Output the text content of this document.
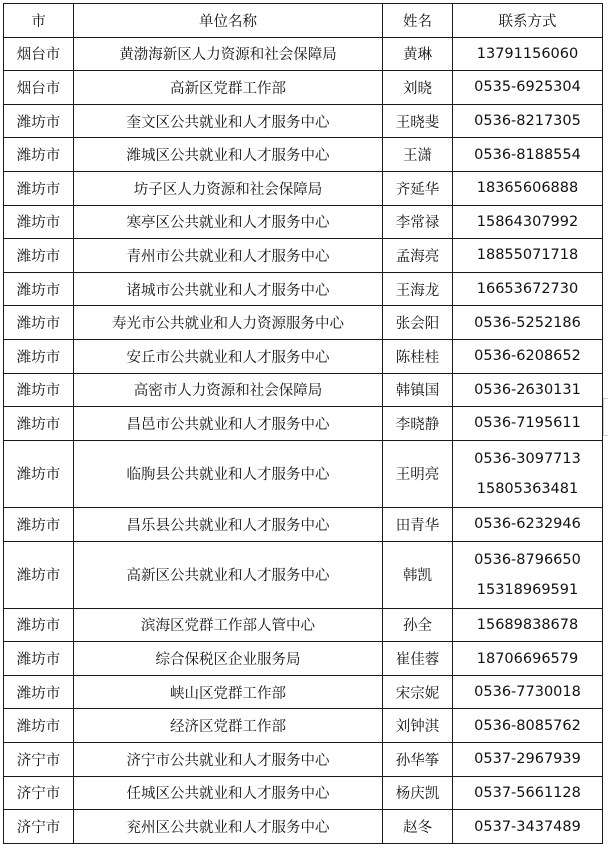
市	单位名称	姓名	联系方式
烟台市	黄渤海新区人力资源和社会保障局	黄琳	13791156060

烟台市	高新区党群工作部	刘晓	0535-6925304

潍坊市	奎文区公共就业和人才服务中心	王晓斐	0536-8217305

潍坊市	潍城区公共就业和人才服务中心	王潇	0536-8188554

潍坊市	坊子区人力资源和社会保障局	齐延华	18365606888

潍坊市	寒亭区公共就业和人才服务中心	李常禄	15864307992

潍坊市	青州市公共就业和人才服务中心	孟海亮	18855071718

潍坊市	诸城市公共就业和人才服务中心	王海龙	16653672730

潍坊市	寿光市公共就业和人力资源服务中心	张会阳	0536-5252186

潍坊市	安丘市公共就业和人才服务中心	陈桂桂	0536-6208652

潍坊市	高密市人力资源和社会保障局	韩镇国	0536-2630131

潍坊市	昌邑市公共就业和人才服务中心	李晓静	0536-7195611

潍坊市	临朐县公共就业和人才服务中心	王明亮	0536-3097713
15805363481

潍坊市	昌乐县公共就业和人才服务中心	田青华	0536-6232946

潍坊市	高新区公共就业和人才服务中心	韩凯	0536-8796650
15318969591

潍坊市	滨海区党群工作部人管中心	孙全	15689838678

潍坊市	综合保税区企业服务局	崔佳蓉	18706696579

潍坊市	峡山区党群工作部	宋宗妮	0536-7730018

潍坊市	经济区党群工作部	刘钟淇	0536-8085762

济宁市	济宁市公共就业和人才服务中心	孙华筝	0537-2967939

济宁市	任城区公共就业和人才服务中心	杨庆凯	0537-5661128

济宁市	兖州区公共就业和人才服务中心	赵冬	0537-3437489
